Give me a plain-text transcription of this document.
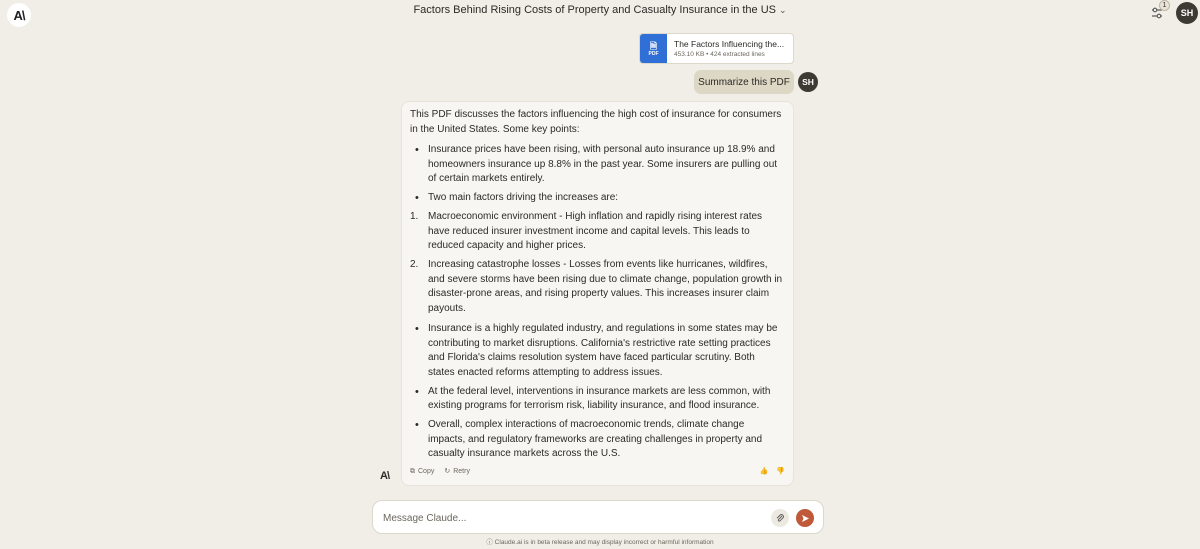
A\	Factors Behind Rising Costs of Property and Casualty Insurance in the US ⌄	1
SH
🗎
PDF
The Factors Influencing the...
453.10 KB • 424 extracted lines
Summarize this PDF	SH

This PDF discusses the factors influencing the high cost of insurance for consumers in the United States. Some key points:

• Insurance prices have been rising, with personal auto insurance up 18.9% and homeowners insurance up 8.8% in the past year. Some insurers are pulling out of certain markets entirely.
• Two main factors driving the increases are:
1. Macroeconomic environment - High inflation and rapidly rising interest rates have reduced insurer investment income and capital levels. This leads to reduced capacity and higher prices.
2. Increasing catastrophe losses - Losses from events like hurricanes, wildfires, and severe storms have been rising due to climate change, population growth in disaster-prone areas, and rising property values. This increases insurer claim payouts.
• Insurance is a highly regulated industry, and regulations in some states may be contributing to market disruptions. California's restrictive rate setting practices and Florida's claims resolution system have faced particular scrutiny. Both states enacted reforms attempting to address issues.
• At the federal level, interventions in insurance markets are less common, with existing programs for terrorism risk, liability insurance, and flood insurance.
• Overall, complex interactions of macroeconomic trends, climate change impacts, and regulatory frameworks are creating challenges in property and casualty insurance markets across the U.S.
⧉ Copy ↻ Retry	👍 👎
A\
Message Claude...
ⓘ Claude.ai is in beta release and may display incorrect or harmful information
